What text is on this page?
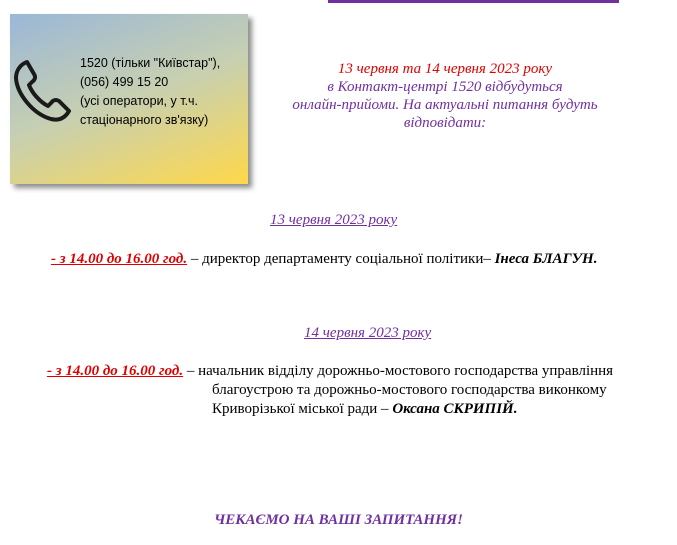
1520 (тільки "Київстар"),
(056) 499 15 20
(усі оператори, у т.ч.
стаціонарного зв'язку)
13 червня та 14 червня 2023 року
в Контакт-центрі 1520 відбудуться
онлайн-прийоми. На актуальні питання будуть
відповідати:
13 червня 2023 року
- з 14.00 до 16.00 год. – директор департаменту соціальної політики– Інеса БЛАГУН.
14 червня 2023 року
- з 14.00 до 16.00 год. – начальник відділу дорожньо-мостового господарства управління
благоустрою та дорожньо-мостового господарства виконкому
Криворізької міської ради – Оксана СКРИПІЙ.
ЧЕКАЄМО НА ВАШІ ЗАПИТАННЯ!
